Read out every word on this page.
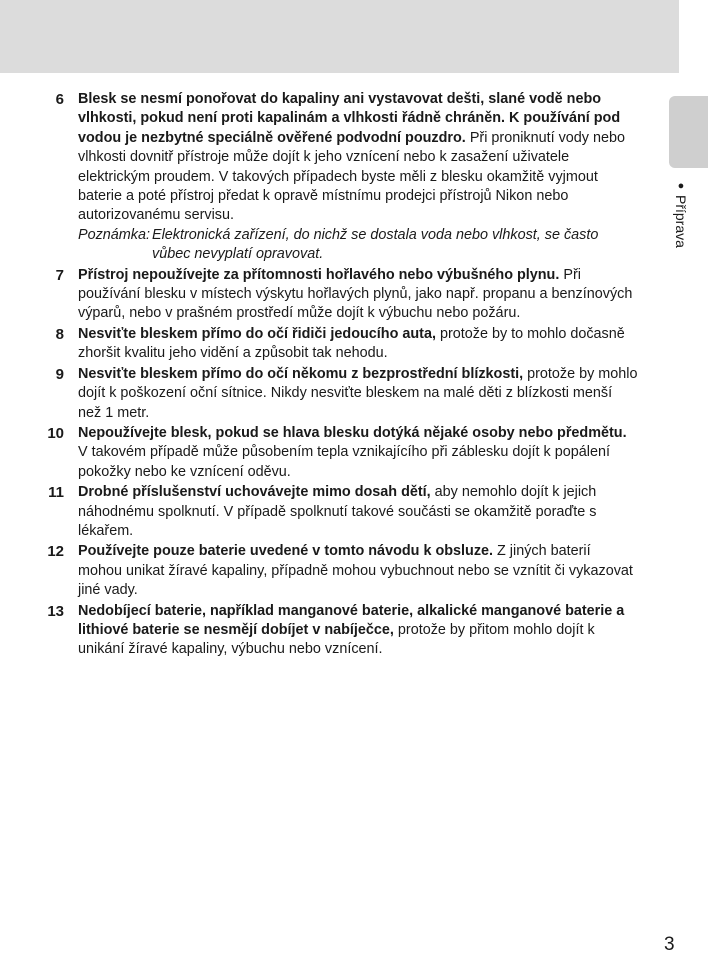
●Příprava
6 Blesk se nesmí ponořovat do kapaliny ani vystavovat dešti, slané vodě nebo vlhkosti, pokud není proti kapalinám a vlhkosti řádně chráněn. K používání pod vodou je nezbytné speciálně ověřené podvodní pouzdro. Při proniknutí vody nebo vlhkosti dovnitř přístroje může dojít k jeho vznícení nebo k zasažení uživatele elektrickým proudem. V takových případech byste měli z blesku okamžitě vyjmout baterie a poté přístroj předat k opravě místnímu prodejci přístrojů Nikon nebo autorizovanému servisu.
Poznámka: Elektronická zařízení, do nichž se dostala voda nebo vlhkost, se často vůbec nevyplatí opravovat.
7 Přístroj nepoužívejte za přítomnosti hořlavého nebo výbušného plynu. Při používání blesku v místech výskytu hořlavých plynů, jako např. propanu a benzínových výparů, nebo v prašném prostředí může dojít k výbuchu nebo požáru.
8 Nesviťte bleskem přímo do očí řidiči jedoucího auta, protože by to mohlo dočasně zhoršit kvalitu jeho vidění a způsobit tak nehodu.
9 Nesviťte bleskem přímo do očí někomu z bezprostřední blízkosti, protože by mohlo dojít k poškození oční sítnice. Nikdy nesviťte bleskem na malé děti z blízkosti menší než 1 metr.
10 Nepoužívejte blesk, pokud se hlava blesku dotýká nějaké osoby nebo předmětu. V takovém případě může působením tepla vznikajícího při záblesku dojít k popálení pokožky nebo ke vznícení oděvu.
11 Drobné příslušenství uchovávejte mimo dosah dětí, aby nemohlo dojít k jejich náhodnému spolknutí. V případě spolknutí takové součásti se okamžitě poraďte s lékařem.
12 Používejte pouze baterie uvedené v tomto návodu k obsluze. Z jiných baterií mohou unikat žíravé kapaliny, případně mohou vybuchnout nebo se vznítit či vykazovat jiné vady.
13 Nedobíjecí baterie, například manganové baterie, alkalické manganové baterie a lithiové baterie se nesmějí dobíjet v nabíječce, protože by přitom mohlo dojít k unikání žíravé kapaliny, výbuchu nebo vznícení.
3
